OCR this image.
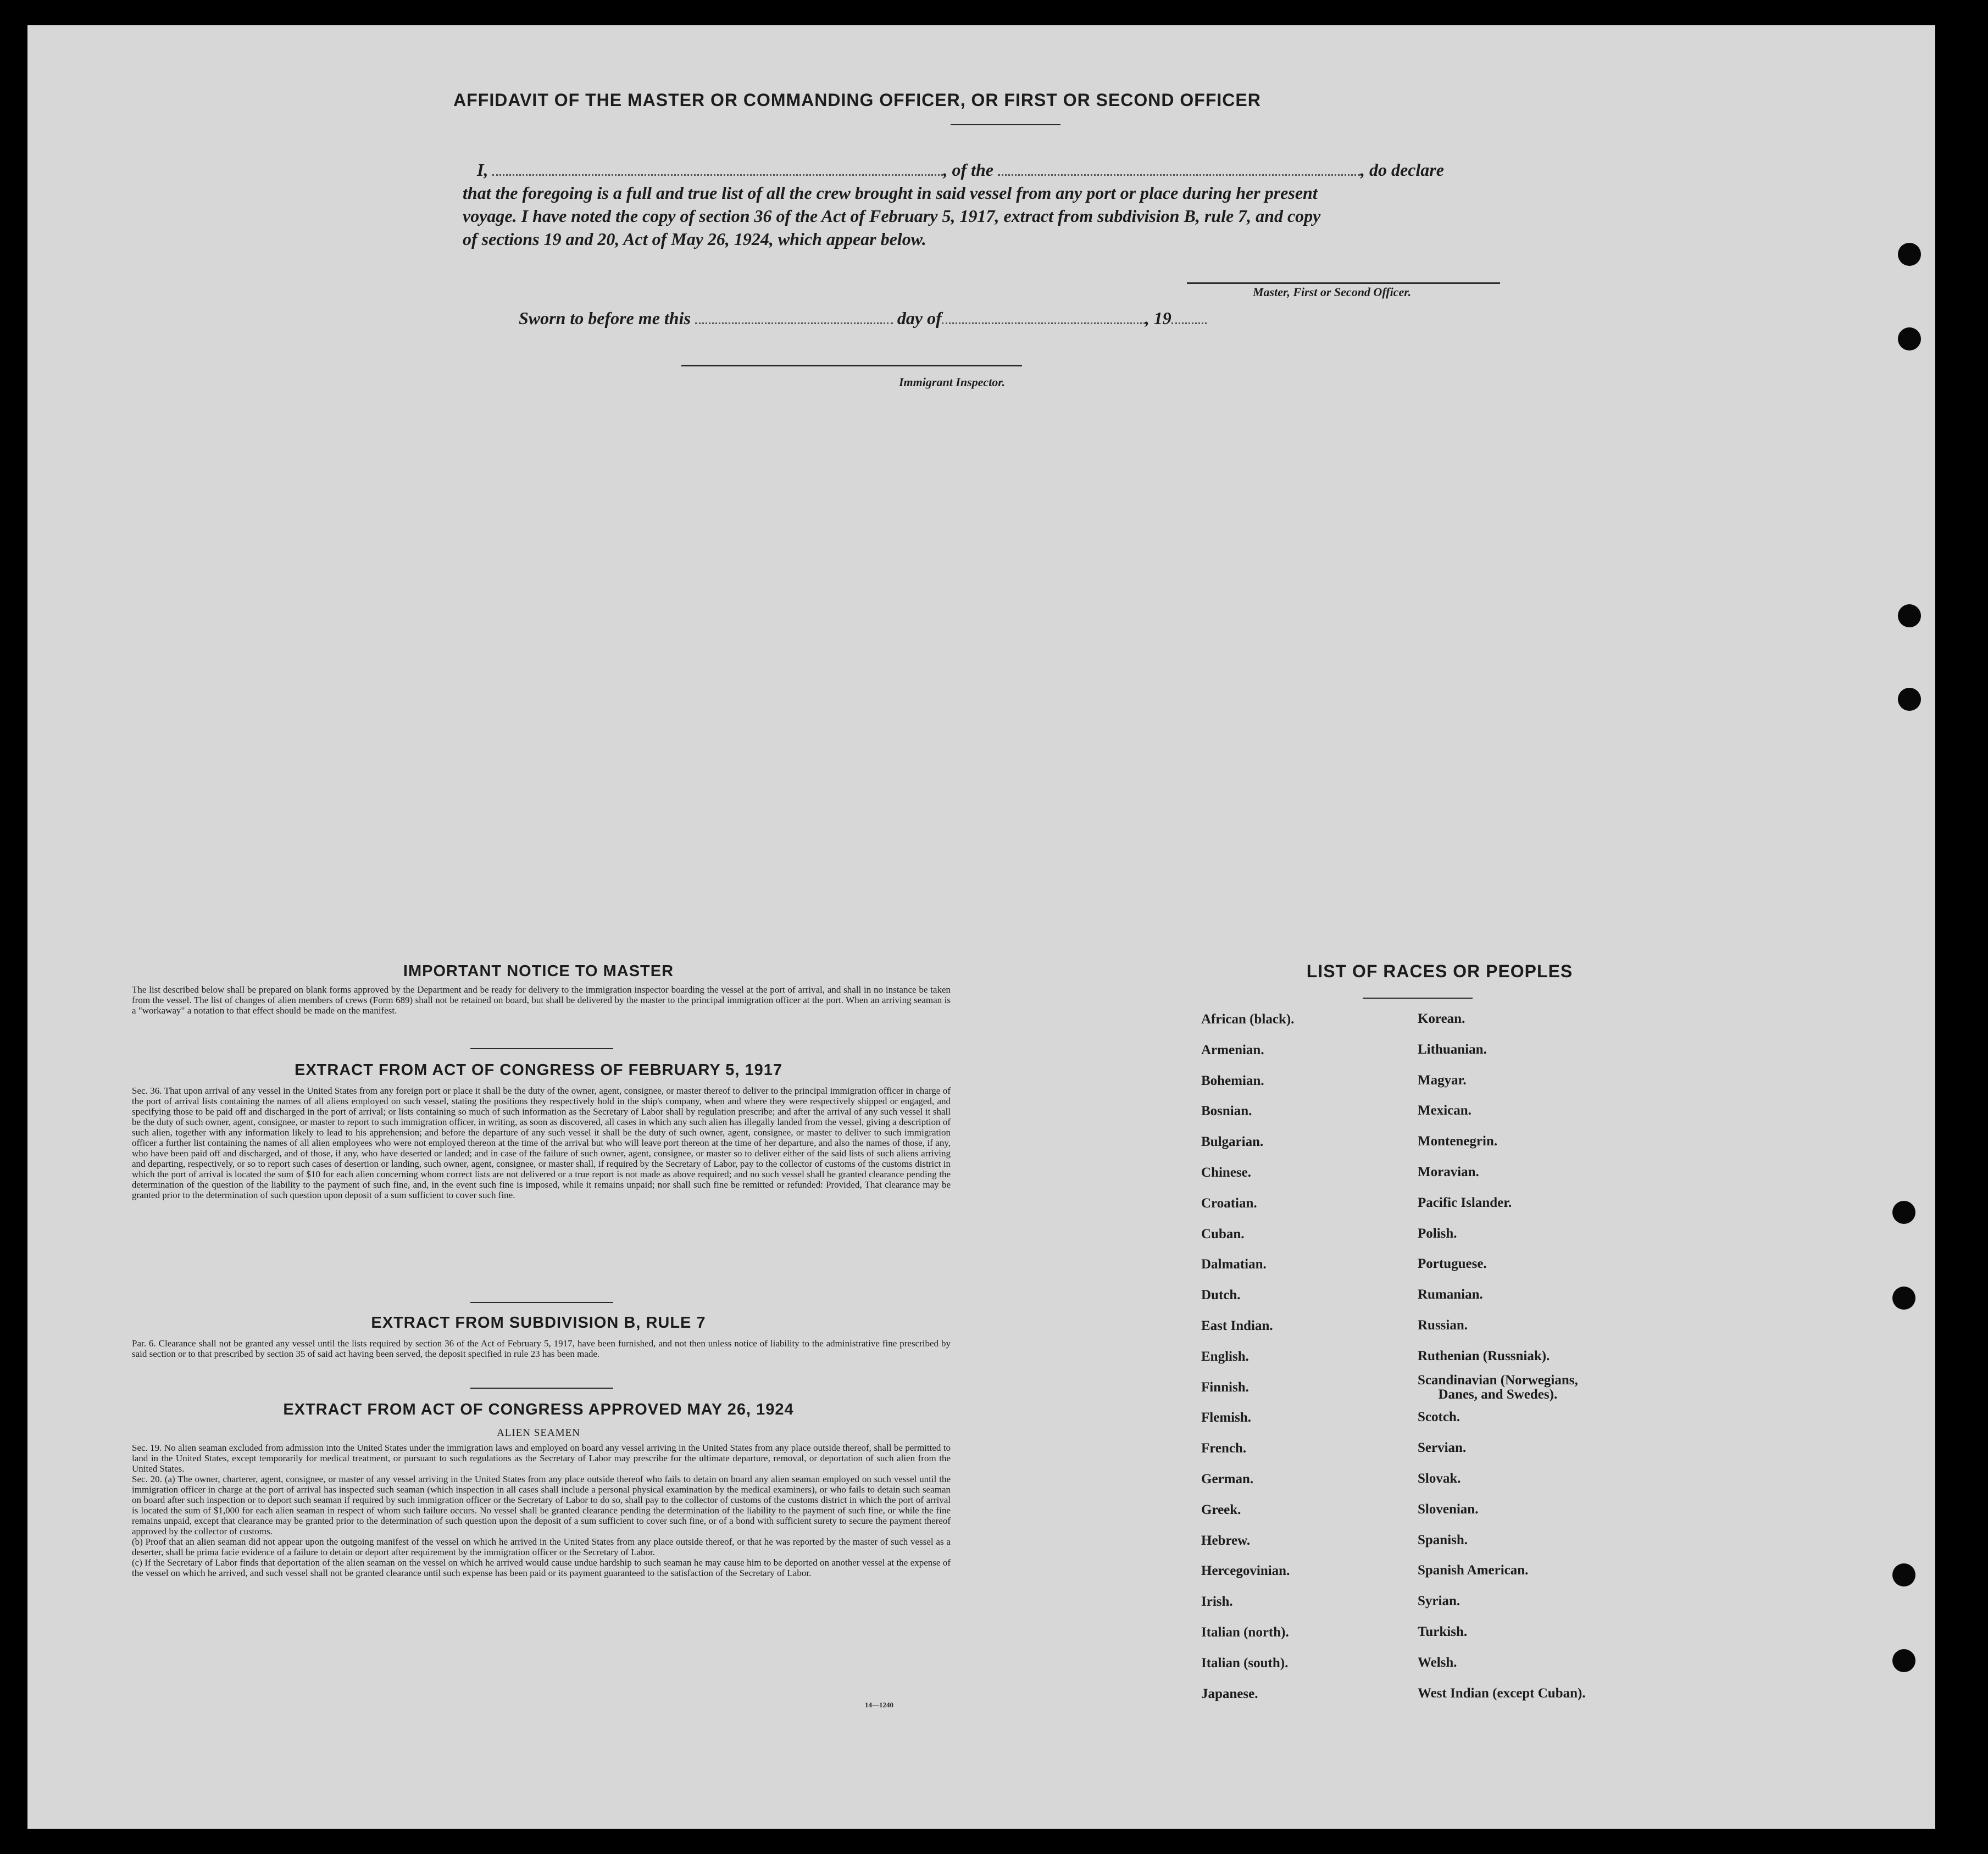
AFFIDAVIT OF THE MASTER OR COMMANDING OFFICER, OR FIRST OR SECOND OFFICER
I,	, of the	, do declare
that the foregoing is a full and true list of all the crew brought in said vessel from any port or place during her present
voyage. I have noted the copy of section 36 of the Act of February 5, 1917, extract from subdivision B, rule 7, and copy
of sections 19 and 20, Act of May 26, 1924, which appear below.
Master, First or Second Officer.
Sworn to before me this	day of	, 19
Immigrant Inspector.
IMPORTANT NOTICE TO MASTER
The list described below shall be prepared on blank forms approved by the Department and be ready for delivery to the immigration inspector boarding the vessel at the port of arrival, and shall in no instance be taken from the vessel. The list of changes of alien members of crews (Form 689) shall not be retained on board, but shall be delivered by the master to the principal immigration officer at the port. When an arriving seaman is a "workaway" a notation to that effect should be made on the manifest.
EXTRACT FROM ACT OF CONGRESS OF FEBRUARY 5, 1917
Sec. 36. That upon arrival of any vessel in the United States from any foreign port or place it shall be the duty of the owner, agent, consignee, or master thereof to deliver to the principal immigration officer in charge of the port of arrival lists containing the names of all aliens employed on such vessel, stating the positions they respectively hold in the ship's company, when and where they were respectively shipped or engaged, and specifying those to be paid off and discharged in the port of arrival; or lists containing so much of such information as the Secretary of Labor shall by regulation prescribe; and after the arrival of any such vessel it shall be the duty of such owner, agent, consignee, or master to report to such immigration officer, in writing, as soon as discovered, all cases in which any such alien has illegally landed from the vessel, giving a description of such alien, together with any information likely to lead to his apprehension; and before the departure of any such vessel it shall be the duty of such owner, agent, consignee, or master to deliver to such immigration officer a further list containing the names of all alien employees who were not employed thereon at the time of the arrival but who will leave port thereon at the time of her departure, and also the names of those, if any, who have been paid off and discharged, and of those, if any, who have deserted or landed; and in case of the failure of such owner, agent, consignee, or master so to deliver either of the said lists of such aliens arriving and departing, respectively, or so to report such cases of desertion or landing, such owner, agent, consignee, or master shall, if required by the Secretary of Labor, pay to the collector of customs of the customs district in which the port of arrival is located the sum of $10 for each alien concerning whom correct lists are not delivered or a true report is not made as above required; and no such vessel shall be granted clearance pending the determination of the question of the liability to the payment of such fine, and, in the event such fine is imposed, while it remains unpaid; nor shall such fine be remitted or refunded: Provided, That clearance may be granted prior to the determination of such question upon deposit of a sum sufficient to cover such fine.
EXTRACT FROM SUBDIVISION B, RULE 7
Par. 6. Clearance shall not be granted any vessel until the lists required by section 36 of the Act of February 5, 1917, have been furnished, and not then unless notice of liability to the administrative fine prescribed by said section or to that prescribed by section 35 of said act having been served, the deposit specified in rule 23 has been made.
EXTRACT FROM ACT OF CONGRESS APPROVED MAY 26, 1924
ALIEN SEAMEN
Sec. 19. No alien seaman excluded from admission into the United States under the immigration laws and employed on board any vessel arriving in the United States from any place outside thereof, shall be permitted to land in the United States, except temporarily for medical treatment, or pursuant to such regulations as the Secretary of Labor may prescribe for the ultimate departure, removal, or deportation of such alien from the United States.
Sec. 20. (a) The owner, charterer, agent, consignee, or master of any vessel arriving in the United States from any place outside thereof who fails to detain on board any alien seaman employed on such vessel until the immigration officer in charge at the port of arrival has inspected such seaman (which inspection in all cases shall include a personal physical examination by the medical examiners), or who fails to detain such seaman on board after such inspection or to deport such seaman if required by such immigration officer or the Secretary of Labor to do so, shall pay to the collector of customs of the customs district in which the port of arrival is located the sum of $1,000 for each alien seaman in respect of whom such failure occurs. No vessel shall be granted clearance pending the determination of the liability to the payment of such fine, or while the fine remains unpaid, except that clearance may be granted prior to the determination of such question upon the deposit of a sum sufficient to cover such fine, or of a bond with sufficient surety to secure the payment thereof approved by the collector of customs.
(b) Proof that an alien seaman did not appear upon the outgoing manifest of the vessel on which he arrived in the United States from any place outside thereof, or that he was reported by the master of such vessel as a deserter, shall be prima facie evidence of a failure to detain or deport after requirement by the immigration officer or the Secretary of Labor.
(c) If the Secretary of Labor finds that deportation of the alien seaman on the vessel on which he arrived would cause undue hardship to such seaman he may cause him to be deported on another vessel at the expense of the vessel on which he arrived, and such vessel shall not be granted clearance until such expense has been paid or its payment guaranteed to the satisfaction of the Secretary of Labor.
14—1240
LIST OF RACES OR PEOPLES
African (black).
Armenian.
Bohemian.
Bosnian.
Bulgarian.
Chinese.
Croatian.
Cuban.
Dalmatian.
Dutch.
East Indian.
English.
Finnish.
Flemish.
French.
German.
Greek.
Hebrew.
Hercegovinian.
Irish.
Italian (north).
Italian (south).
Japanese.
Korean.
Lithuanian.
Magyar.
Mexican.
Montenegrin.
Moravian.
Pacific Islander.
Polish.
Portuguese.
Rumanian.
Russian.
Ruthenian (Russniak).
Scandinavian (Norwegians,
Danes, and Swedes).
Scotch.
Servian.
Slovak.
Slovenian.
Spanish.
Spanish American.
Syrian.
Turkish.
Welsh.
West Indian (except Cuban).
